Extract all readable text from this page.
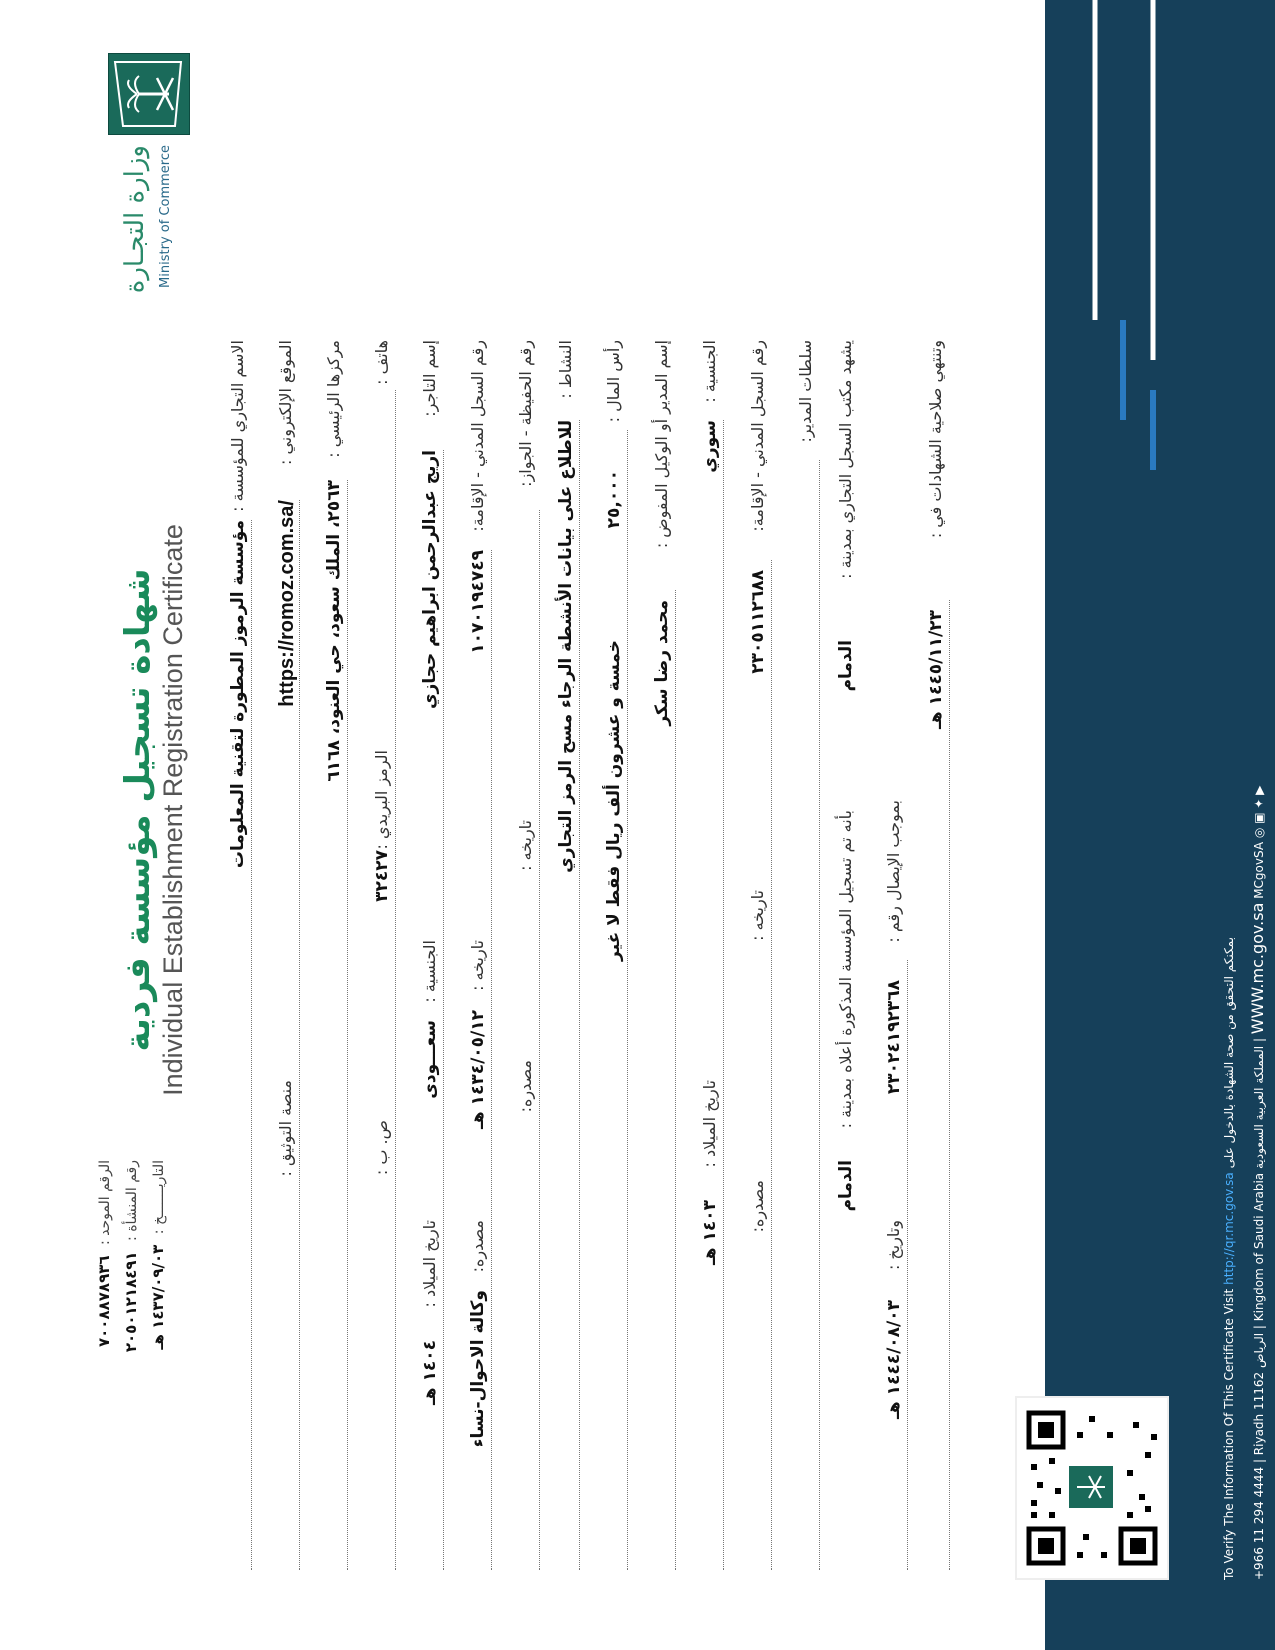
وزارة التجـارة Ministry of Commerce
شهادة تسجيل مؤسسة فردية Individual Establishment Registration Certificate
الرقم الموحد : ٧٠٠٨٨٧٨٩٣٦
رقم المنشأة : ٢٠٥٠١٢١٨٤٩١
التاريـــــــخ : ١٤٣٧/٠٩/٠٣ هـ
الاسم التجاري للمؤسسة :
مؤسسة الرموز المطورة لتقنية المعلومات
الموقع الإلكتروني :
https://romoz.com.sa/
منصة التوثيق :
مركزها الرئيسي :
٢٥٦٣، الملك سعود، حي العنود، ٦١٦٨
هاتف :
الرمز البريدي :
٣٢٤٢٧
ص. ب :
إسم التاجر:
اريج عبدالرحمن ابراهيم حجازي
الجنسية :
سعـــودى
تاريخ الميلاد :
١٤٠٤ هـ
رقم السجل المدني - الإقامة:
١٠٧٠١٩٤٧٤٩
تاريخه :
١٤٣٤/٠٥/١٢ هـ
مصدره:
وكالة الاحوال-نساء
رقم الحفيظة - الجواز:
تاريخه :
مصدره:
النشاط :
للاطلاع على بيانات الأنشطة الرجاء مسح الرمز التجاري
رأس المال :
٢٥,٠٠٠
خمسة و عشرون ألف ريال فقط لا غير
إسم المدير أو الوكيل المفوض :
محمد رضا سكر
الجنسية :
سوري
تاريخ الميلاد :
١٤٠٣ هـ
رقم السجل المدني - الإقامة:
٢٣٠٥١١٢٦٨٨
تاريخه :
مصدره:
سلطات المدير: يشهد مكتب السجل التجاري بمدينة :
الدمام
بأنه تم تسجيل المؤسسة المذكورة أعلاه بمدينة :
الدمام
بموجب الإيصال رقم :
٢٣٠٢٤١٩٢٣٦٨
وتاريخ :
١٤٤٤/٠٨/٠٣ هـ
وتنتهي صلاحية الشهادات في :
١٤٤٥/١١/٢٣ هـ
To Verify The Information Of This Certificate Visit http://qr.mc.gov.sa بمكنكم التحقق من صحة الشهادة بالدخول على
+966 11 294 4444 | Riyadh 11162 الرياض | Kingdom of Saudi Arabia المملكة العربية السعودية | WWW.mc.gov.sa MCgovSA ◎ ▣ ✦ ▶
